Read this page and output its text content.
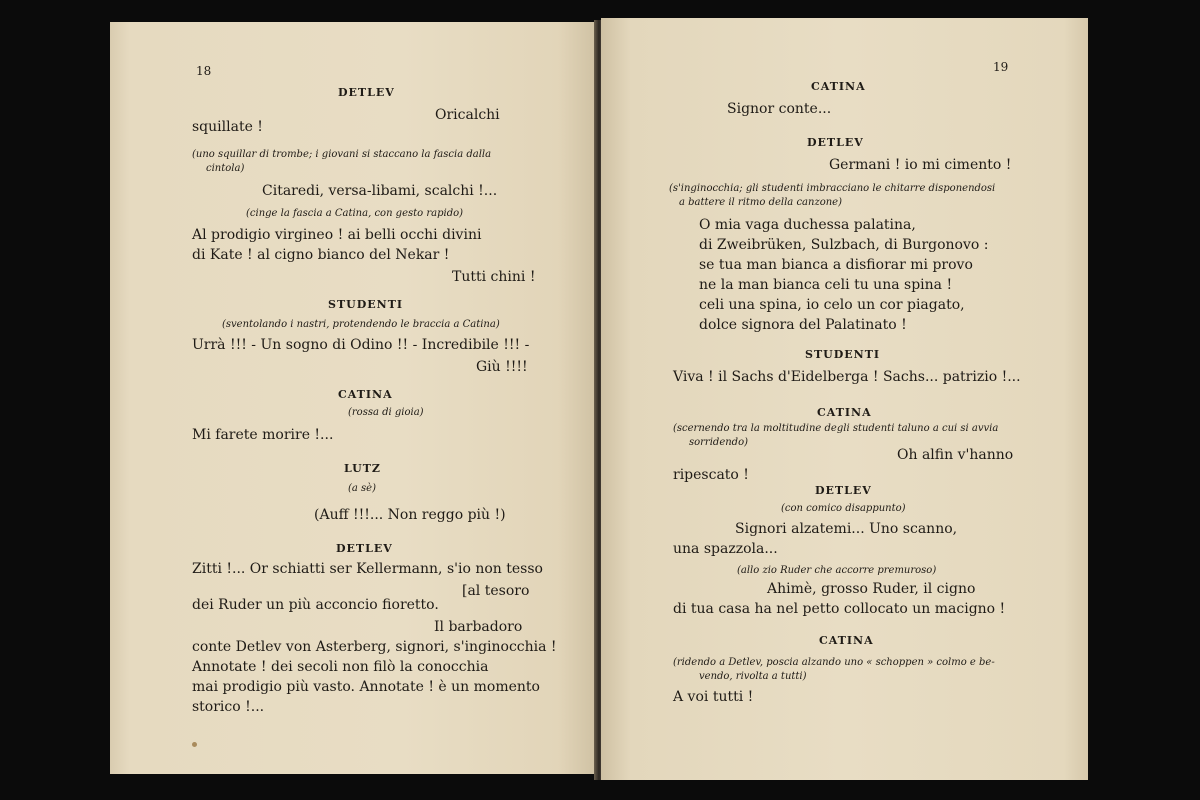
18
DETLEV
Oricalchi
squillate !
(uno squillar di trombe; i giovani si staccano la fascia dalla
cintola)
Citaredi, versa-libami, scalchi !...
(cinge la fascia a Catina, con gesto rapido)
Al prodigio virgineo ! ai belli occhi divini
di Kate ! al cigno bianco del Nekar !
Tutti chini !
STUDENTI
(sventolando i nastri, protendendo le braccia a Catina)
Urrà !!! - Un sogno di Odino !! - Incredibile !!! -
Giù !!!!
CATINA
(rossa di gioia)
Mi farete morire !...
LUTZ
(a sè)
(Auff !!!... Non reggo più !)
DETLEV
Zitti !... Or schiatti ser Kellermann, s'io non tesso
[al tesoro
dei Ruder un più acconcio fioretto.
Il barbadoro
conte Detlev von Asterberg, signori, s'inginocchia !
Annotate ! dei secoli non filò la conocchia
mai prodigio più vasto. Annotate ! è un momento
storico !...
19
CATINA
Signor conte...
DETLEV
Germani ! io mi cimento !
(s'inginocchia; gli studenti imbracciano le chitarre disponendosi
a battere il ritmo della canzone)
O mia vaga duchessa palatina,
di Zweibrüken, Sulzbach, di Burgonovo :
se tua man bianca a disfiorar mi provo
ne la man bianca celi tu una spina !
celi una spina, io celo un cor piagato,
dolce signora del Palatinato !
STUDENTI
Viva ! il Sachs d'Eidelberga ! Sachs... patrizio !...
CATINA
(scernendo tra la moltitudine degli studenti taluno a cui si avvia
sorridendo)
Oh alfin v'hanno
ripescato !
DETLEV
(con comico disappunto)
Signori alzatemi... Uno scanno,
una spazzola...
(allo zio Ruder che accorre premuroso)
Ahimè, grosso Ruder, il cigno
di tua casa ha nel petto collocato un macigno !
CATINA
(ridendo a Detlev, poscia alzando uno « schoppen » colmo e be-
vendo, rivolta a tutti)
A voi tutti !
